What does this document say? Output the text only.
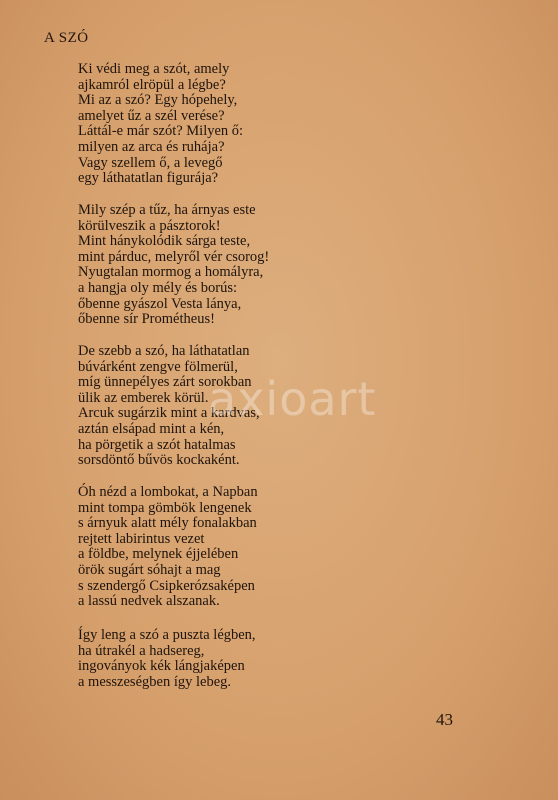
A SZÓ
Ki védi meg a szót, amely
ajkamról elröpül a légbe?
Mi az a szó? Egy hópehely,
amelyet űz a szél verése?
Láttál-e már szót? Milyen ő:
milyen az arca és ruhája?
Vagy szellem ő, a levegő
egy láthatatlan figurája?
Mily szép a tűz, ha árnyas este
körülveszik a pásztorok!
Mint hánykolódik sárga teste,
mint párduc, melyről vér csorog!
Nyugtalan mormog a homályra,
a hangja oly mély és borús:
őbenne gyászol Vesta lánya,
őbenne sír Prométheus!
De szebb a szó, ha láthatatlan
búvárként zengve fölmerül,
míg ünnepélyes zárt sorokban
ülik az emberek körül.
Arcuk sugárzik mint a kardvas,
aztán elsápad mint a kén,
ha pörgetik a szót hatalmas
sorsdöntő bűvös kockaként.
Óh nézd a lombokat, a Napban
mint tompa gömbök lengenek
s árnyuk alatt mély fonalakban
rejtett labirintus vezet
a földbe, melynek éjjelében
örök sugárt sóhajt a mag
s szendergő Csipkerózsaképen
a lassú nedvek alszanak.
Így leng a szó a puszta légben,
ha útrakél a hadsereg,
ingoványok kék lángjaképen
a messzeségben így lebeg.
axioart
43
